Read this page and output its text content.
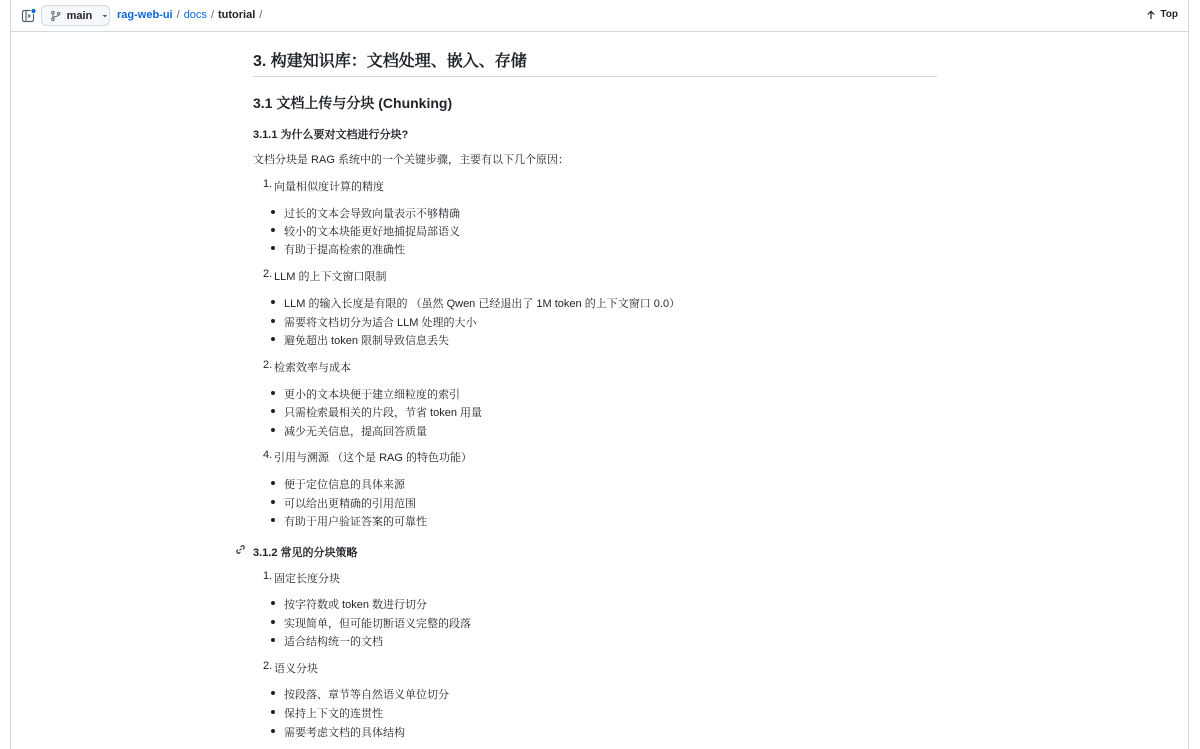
main rag-web-ui / docs / tutorial /	Top
3. 构建知识库：文档处理、嵌入、存储
3.1 文档上传与分块 (Chunking)
3.1.1 为什么要对文档进行分块?
文档分块是 RAG 系统中的一个关键步骤，主要有以下几个原因：
1. 向量相似度计算的精度
过长的文本会导致向量表示不够精确
较小的文本块能更好地捕捉局部语义
有助于提高检索的准确性
2. LLM 的上下文窗口限制
LLM 的输入长度是有限的 （虽然 Qwen 已经退出了 1M token 的上下文窗口 0.0）
需要将文档切分为适合 LLM 处理的大小
避免超出 token 限制导致信息丢失
2. 检索效率与成本
更小的文本块便于建立细粒度的索引
只需检索最相关的片段，节省 token 用量
减少无关信息，提高回答质量
4. 引用与溯源 （这个是 RAG 的特色功能）
便于定位信息的具体来源
可以给出更精确的引用范围
有助于用户验证答案的可靠性
3.1.2 常见的分块策略
1. 固定长度分块
按字符数或 token 数进行切分
实现简单，但可能切断语义完整的段落
适合结构统一的文档
2. 语义分块
按段落、章节等自然语义单位切分
保持上下文的连贯性
需要考虑文档的具体结构
